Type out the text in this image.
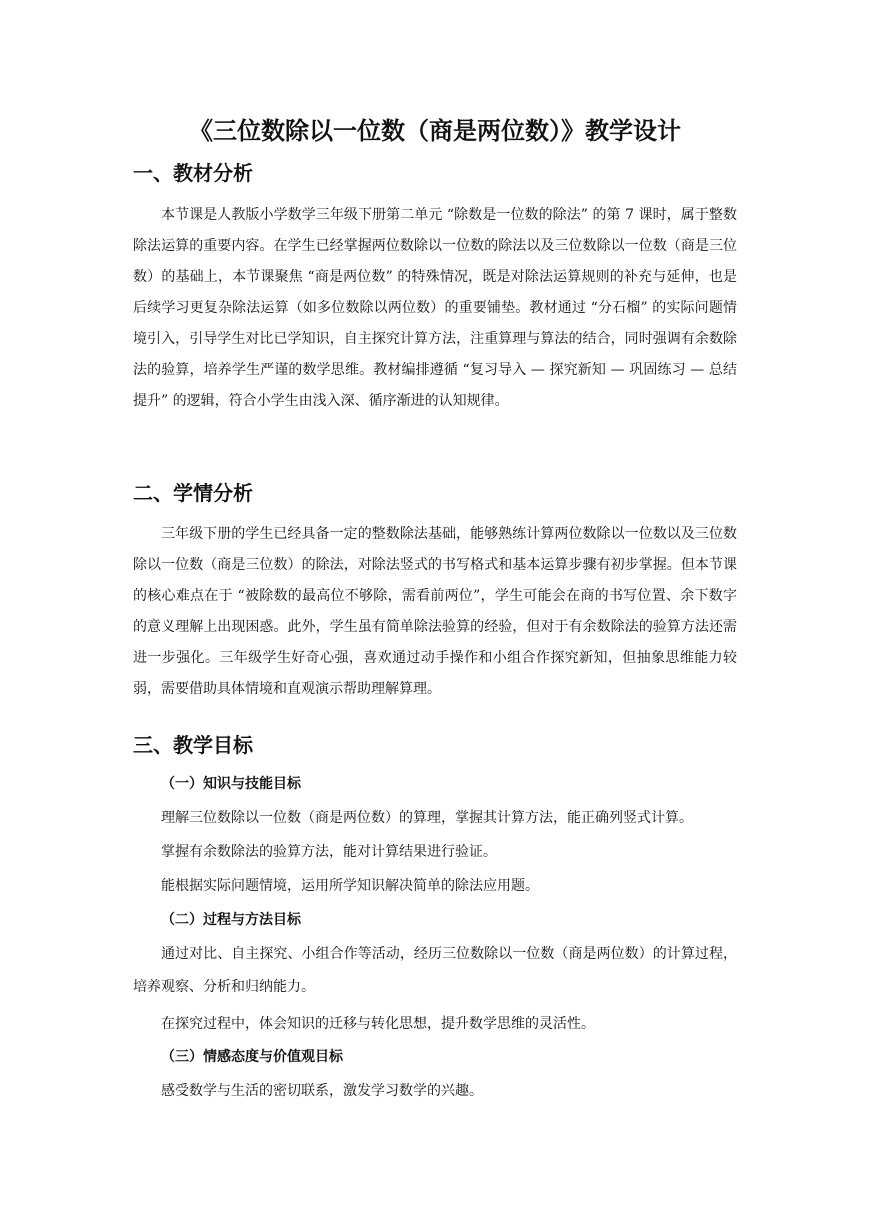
《三位数除以一位数（商是两位数）》教学设计
一、教材分析
本节课是人教版小学数学三年级下册第二单元 “除数是一位数的除法” 的第 7 课时，属于整数除法运算的重要内容。在学生已经掌握两位数除以一位数的除法以及三位数除以一位数（商是三位数）的基础上，本节课聚焦 “商是两位数” 的特殊情况，既是对除法运算规则的补充与延伸，也是后续学习更复杂除法运算（如多位数除以两位数）的重要铺垫。教材通过 “分石榴” 的实际问题情境引入，引导学生对比已学知识，自主探究计算方法，注重算理与算法的结合，同时强调有余数除法的验算，培养学生严谨的数学思维。教材编排遵循 “复习导入 — 探究新知 — 巩固练习 — 总结提升” 的逻辑，符合小学生由浅入深、循序渐进的认知规律。
二、学情分析
三年级下册的学生已经具备一定的整数除法基础，能够熟练计算两位数除以一位数以及三位数除以一位数（商是三位数）的除法，对除法竖式的书写格式和基本运算步骤有初步掌握。但本节课的核心难点在于 “被除数的最高位不够除，需看前两位”，学生可能会在商的书写位置、余下数字的意义理解上出现困惑。此外，学生虽有简单除法验算的经验，但对于有余数除法的验算方法还需进一步强化。三年级学生好奇心强，喜欢通过动手操作和小组合作探究新知，但抽象思维能力较弱，需要借助具体情境和直观演示帮助理解算理。
三、教学目标
（一）知识与技能目标
理解三位数除以一位数（商是两位数）的算理，掌握其计算方法，能正确列竖式计算。
掌握有余数除法的验算方法，能对计算结果进行验证。
能根据实际问题情境，运用所学知识解决简单的除法应用题。
（二）过程与方法目标
通过对比、自主探究、小组合作等活动，经历三位数除以一位数（商是两位数）的计算过程，培养观察、分析和归纳能力。
在探究过程中，体会知识的迁移与转化思想，提升数学思维的灵活性。
（三）情感态度与价值观目标
感受数学与生活的密切联系，激发学习数学的兴趣。
